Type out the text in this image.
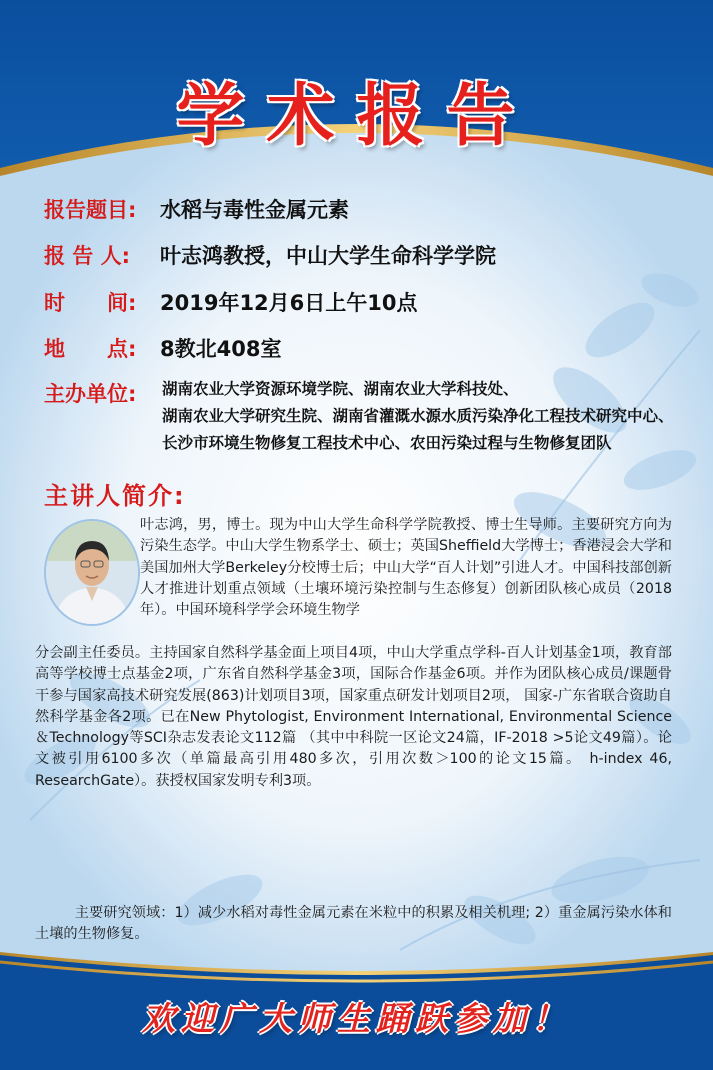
学术报告
报告题目: 水稻与毒性金属元素
报 告 人: 叶志鸿教授，中山大学生命科学学院
时　　间: 2019年12月6日上午10点
地　　点: 8教北408室
主办单位: 湖南农业大学资源环境学院、湖南农业大学科技处、
湖南农业大学研究生院、湖南省灌溉水源水质污染净化工程技术研究中心、
长沙市环境生物修复工程技术中心、农田污染过程与生物修复团队
主讲人简介:
叶志鸿，男，博士。现为中山大学生命科学学院教授、博士生导师。主要研究方向为污染生态学。中山大学生物系学士、硕士；英国Sheffield大学博士；香港浸会大学和美国加州大学Berkeley分校博士后；中山大学“百人计划”引进人才。中国科技部创新人才推进计划重点领域（土壤环境污染控制与生态修复）创新团队核心成员（2018年）。中国环境科学学会环境生物学
分会副主任委员。主持国家自然科学基金面上项目4项，中山大学重点学科-百人计划基金1项，教育部高等学校博士点基金2项，广东省自然科学基金3项，国际合作基金6项。并作为团队核心成员/课题骨干参与国家高技术研究发展(863)计划项目3项，国家重点研发计划项目2项， 国家-广东省联合资助自然科学基金各2项。已在New Phytologist, Environment International, Environmental Science＆Technology等SCI杂志发表论文112篇 （其中中科院一区论文24篇，IF-2018 >5论文49篇）。论文被引用6100多次（单篇最高引用480多次，引用次数＞100的论文15篇。 h-index 46, ResearchGate）。获授权国家发明专利3项。
主要研究领域：1）减少水稻对毒性金属元素在米粒中的积累及相关机理; 2）重金属污染水体和土壤的生物修复。
欢迎广大师生踊跃参加！
